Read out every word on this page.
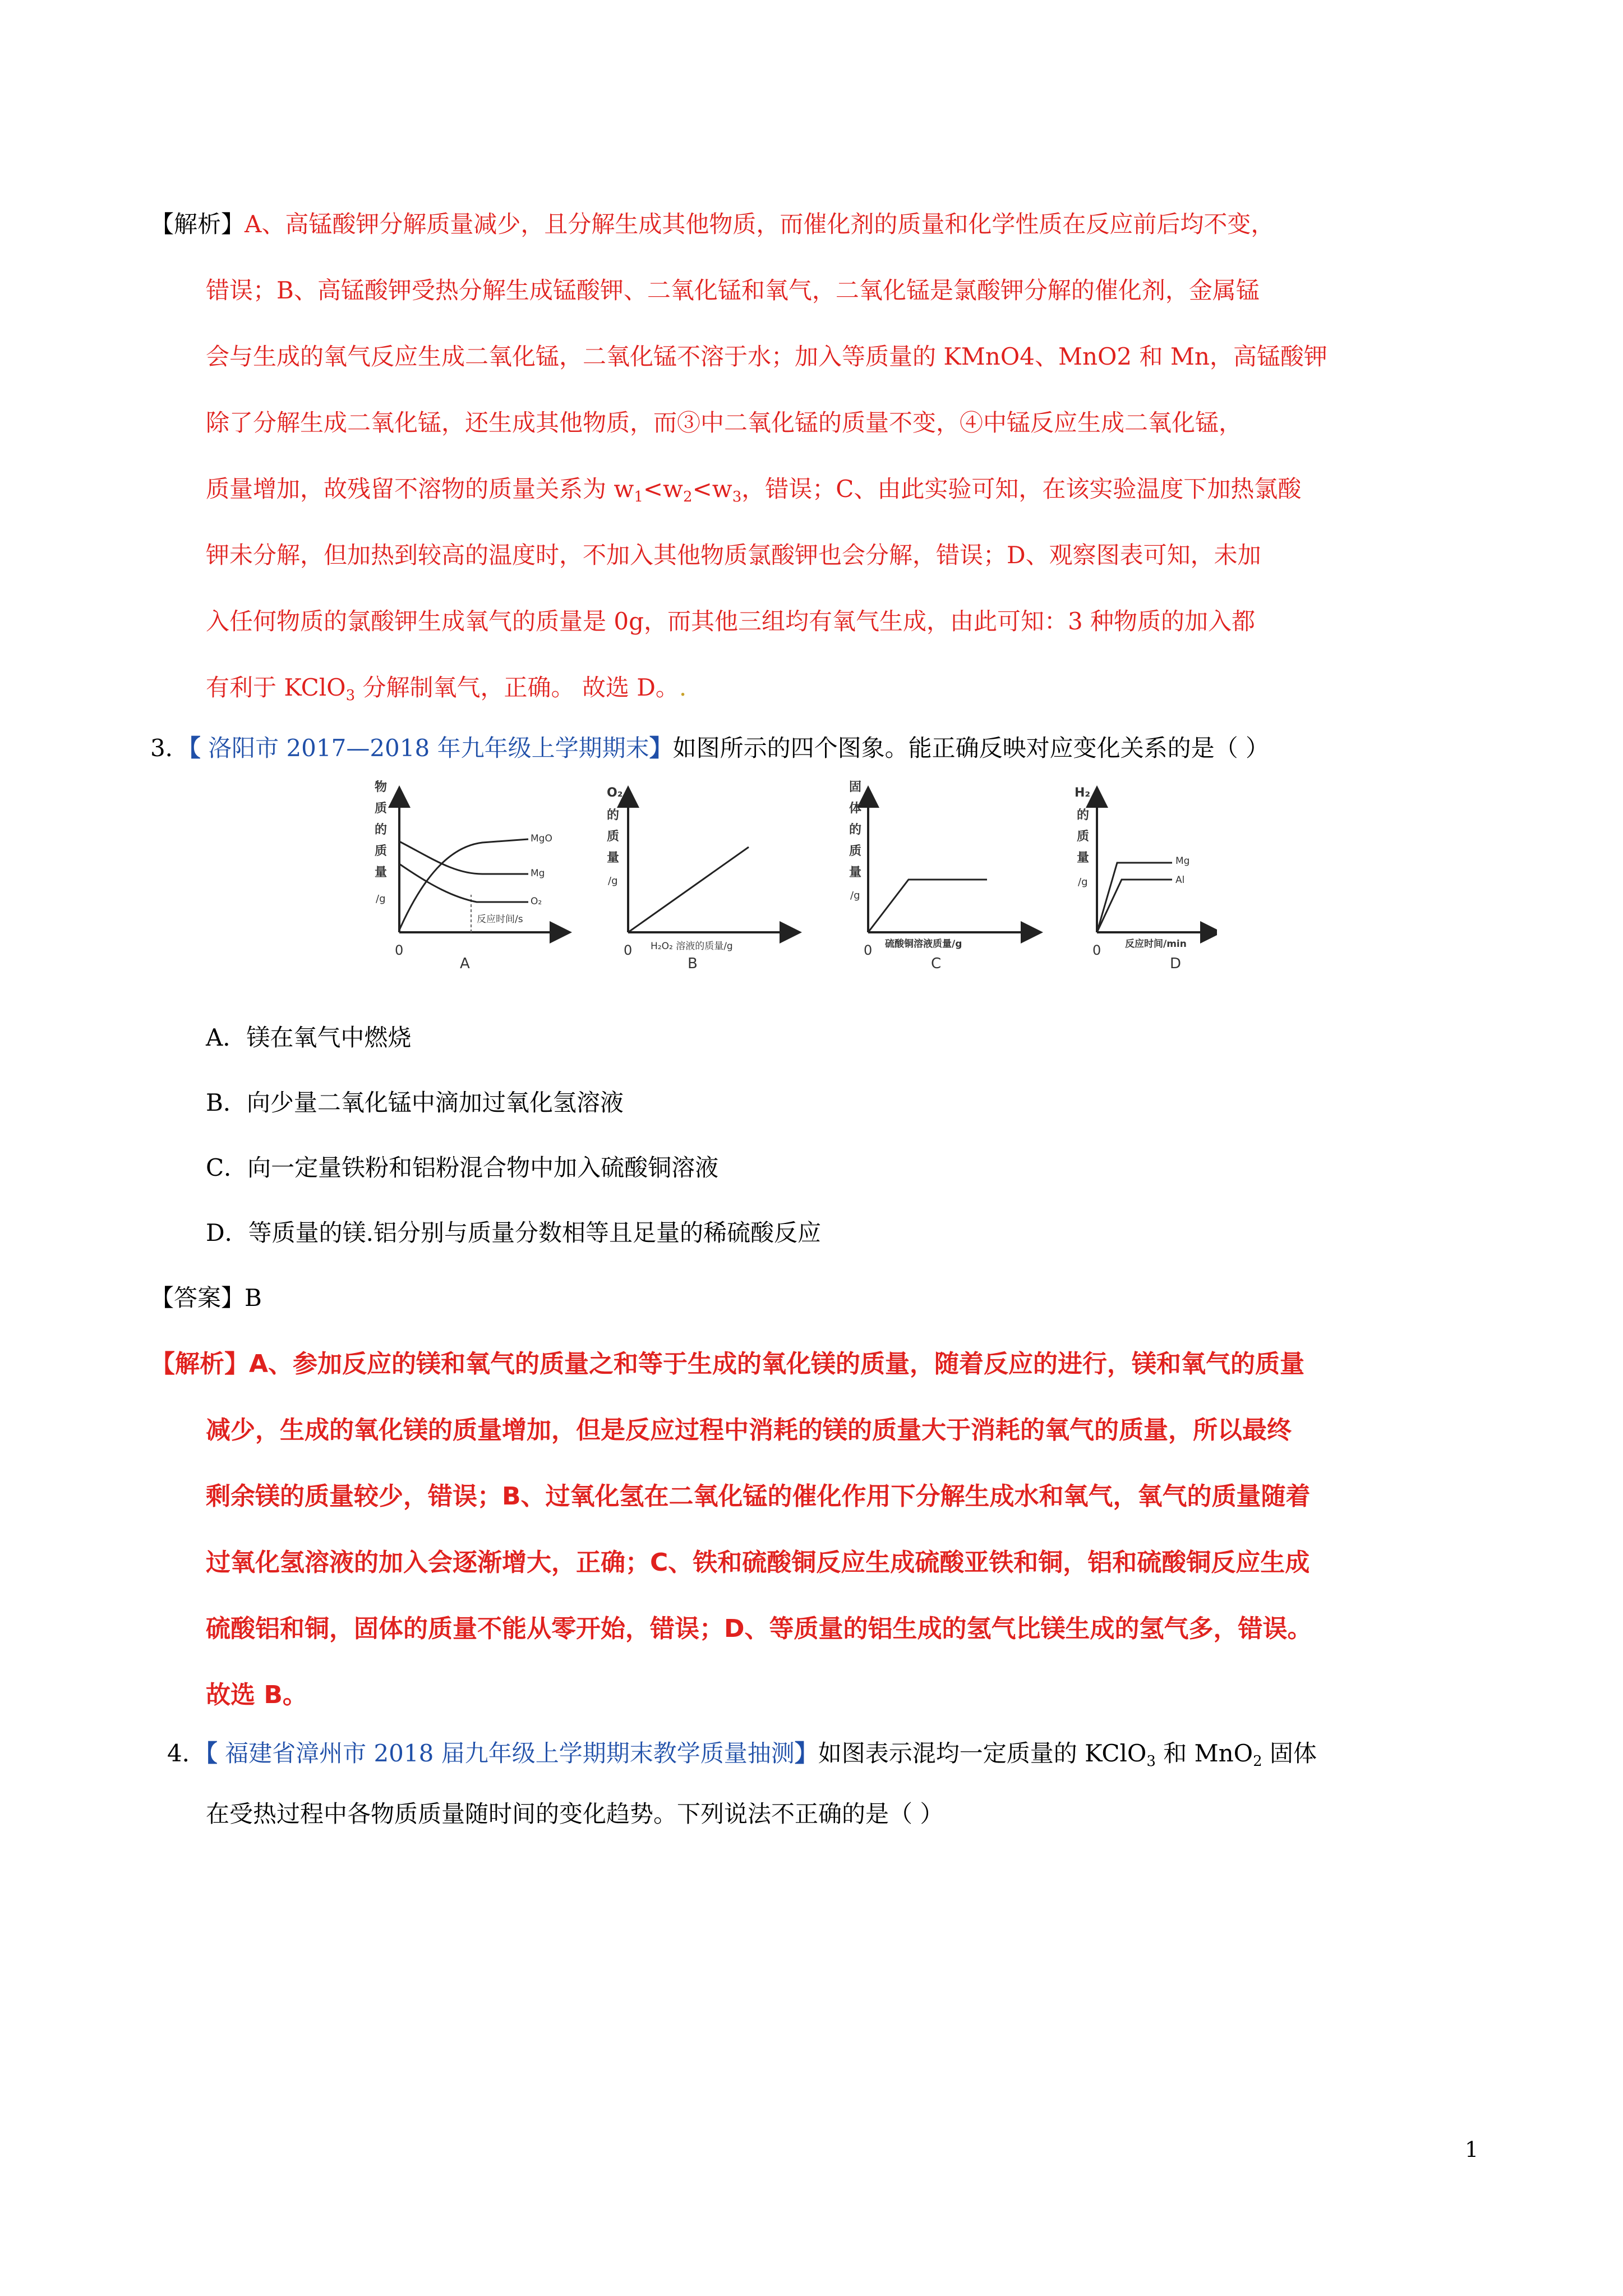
【解析】A、高锰酸钾分解质量减少，且分解生成其他物质，而催化剂的质量和化学性质在反应前后均不变，
错误；B、高锰酸钾受热分解生成锰酸钾、二氧化锰和氧气，二氧化锰是氯酸钾分解的催化剂，金属锰
会与生成的氧气反应生成二氧化锰，二氧化锰不溶于水；加入等质量的 KMnO4、MnO2 和 Mn，高锰酸钾
除了分解生成二氧化锰，还生成其他物质，而③中二氧化锰的质量不变，④中锰反应生成二氧化锰，
质量增加，故残留不溶物的质量关系为 $w_1<w_2<w_3$，错误；C、由此实验可知，在该实验温度下加热氯酸
钾未分解，但加热到较高的温度时，不加入其他物质氯酸钾也会分解，错误；D、观察图表可知，未加
入任何物质的氯酸钾生成氧气的质量是 0g，而其他三组均有氧气生成，由此可知：3 种物质的加入都
有利于 KClO$_3$ 分解制氧气，正确。 故选 D。.
3．【 洛阳市 2017—2018 年九年级上学期期末】如图所示的四个图象。能正确反映对应变化关系的是（ ）
物
质
的
质
量
/g
0
反应时间/s
MgO
Mg
O₂
A
O₂
的
质
量
/g
0 H₂O₂ 溶液的质量/g
B
固
体
的
质
量
/g
0 硫酸铜溶液质量/g
C
H₂
的
质
量
/g
0
Mg
Al
反应时间/min
D
A．镁在氧气中燃烧
B．向少量二氧化锰中滴加过氧化氢溶液
C．向一定量铁粉和铝粉混合物中加入硫酸铜溶液
D．等质量的镁.铝分别与质量分数相等且足量的稀硫酸反应
【答案】B
【解析】A、参加反应的镁和氧气的质量之和等于生成的氧化镁的质量，随着反应的进行，镁和氧气的质量
减少，生成的氧化镁的质量增加，但是反应过程中消耗的镁的质量大于消耗的氧气的质量，所以最终
剩余镁的质量较少，错误；B、过氧化氢在二氧化锰的催化作用下分解生成水和氧气，氧气的质量随着
过氧化氢溶液的加入会逐渐增大，正确；C、铁和硫酸铜反应生成硫酸亚铁和铜，铝和硫酸铜反应生成
硫酸铝和铜，固体的质量不能从零开始，错误；D、等质量的铝生成的氢气比镁生成的氢气多，错误。
故选 B。
4．【 福建省漳州市 2018 届九年级上学期期末教学质量抽测】如图表示混均一定质量的 KClO$_3$ 和 MnO$_2$ 固体
在受热过程中各物质质量随时间的变化趋势。下列说法不正确的是（ ）
1
